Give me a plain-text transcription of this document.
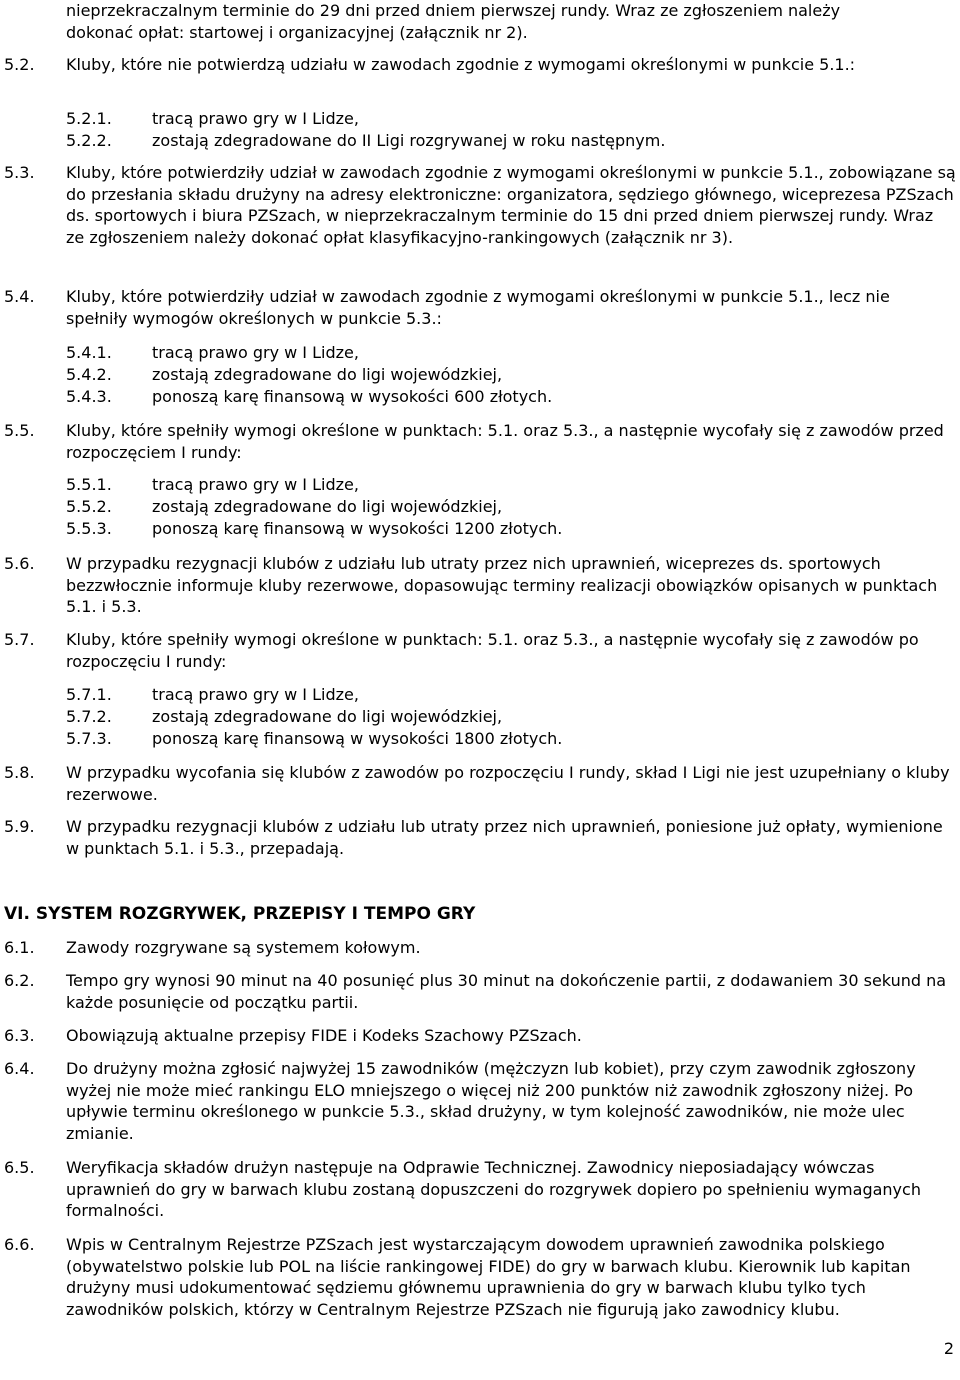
nieprzekraczalnym terminie do 29 dni przed dniem pierwszej rundy. Wraz ze zgłoszeniem należy
dokonać opłat: startowej i organizacyjnej (załącznik nr 2).
5.2. Kluby, które nie potwierdzą udziału w zawodach zgodnie z wymogami określonymi w punkcie 5.1.:
5.2.1.	tracą prawo gry w I Lidze,
5.2.2.	zostają zdegradowane do II Ligi rozgrywanej w roku następnym.
5.3. Kluby, które potwierdziły udział w zawodach zgodnie z wymogami określonymi w punkcie 5.1., zobowiązane są do przesłania składu drużyny na adresy elektroniczne: organizatora, sędziego głównego, wiceprezesa PZSzach ds. sportowych i biura PZSzach, w nieprzekraczalnym terminie do 15 dni przed dniem pierwszej rundy. Wraz ze zgłoszeniem należy dokonać opłat klasyfikacyjno-rankingowych (załącznik nr 3).
5.4. Kluby, które potwierdziły udział w zawodach zgodnie z wymogami określonymi w punkcie 5.1., lecz nie spełniły wymogów określonych w punkcie 5.3.:
5.4.1.	tracą prawo gry w I Lidze,
5.4.2.	zostają zdegradowane do ligi wojewódzkiej,
5.4.3.	ponoszą karę finansową w wysokości 600 złotych.
5.5. Kluby, które spełniły wymogi określone w punktach: 5.1. oraz 5.3., a następnie wycofały się z zawodów przed rozpoczęciem I rundy:
5.5.1.	tracą prawo gry w I Lidze,
5.5.2.	zostają zdegradowane do ligi wojewódzkiej,
5.5.3.	ponoszą karę finansową w wysokości 1200 złotych.
5.6. W przypadku rezygnacji klubów z udziału lub utraty przez nich uprawnień, wiceprezes ds. sportowych bezzwłocznie informuje kluby rezerwowe, dopasowując terminy realizacji obowiązków opisanych w punktach 5.1. i 5.3.
5.7. Kluby, które spełniły wymogi określone w punktach: 5.1. oraz 5.3., a następnie wycofały się z zawodów po rozpoczęciu I rundy:
5.7.1.	tracą prawo gry w I Lidze,
5.7.2.	zostają zdegradowane do ligi wojewódzkiej,
5.7.3.	ponoszą karę finansową w wysokości 1800 złotych.
5.8. W przypadku wycofania się klubów z zawodów po rozpoczęciu I rundy, skład I Ligi nie jest uzupełniany o kluby rezerwowe.
5.9. W przypadku rezygnacji klubów z udziału lub utraty przez nich uprawnień, poniesione już opłaty, wymienione w punktach 5.1. i 5.3., przepadają.
VI. SYSTEM ROZGRYWEK, PRZEPISY I TEMPO GRY
6.1. Zawody rozgrywane są systemem kołowym.
6.2. Tempo gry wynosi 90 minut na 40 posunięć plus 30 minut na dokończenie partii, z dodawaniem 30 sekund na każde posunięcie od początku partii.
6.3. Obowiązują aktualne przepisy FIDE i Kodeks Szachowy PZSzach.
6.4. Do drużyny można zgłosić najwyżej 15 zawodników (mężczyzn lub kobiet), przy czym zawodnik zgłoszony wyżej nie może mieć rankingu ELO mniejszego o więcej niż 200 punktów niż zawodnik zgłoszony niżej. Po upływie terminu określonego w punkcie 5.3., skład drużyny, w tym kolejność zawodników, nie może ulec zmianie.
6.5. Weryfikacja składów drużyn następuje na Odprawie Technicznej. Zawodnicy nieposiadający wówczas uprawnień do gry w barwach klubu zostaną dopuszczeni do rozgrywek dopiero po spełnieniu wymaganych formalności.
6.6. Wpis w Centralnym Rejestrze PZSzach jest wystarczającym dowodem uprawnień zawodnika polskiego (obywatelstwo polskie lub POL na liście rankingowej FIDE) do gry w barwach klubu. Kierownik lub kapitan drużyny musi udokumentować sędziemu głównemu uprawnienia do gry w barwach klubu tylko tych zawodników polskich, którzy w Centralnym Rejestrze PZSzach nie figurują jako zawodnicy klubu.
2
